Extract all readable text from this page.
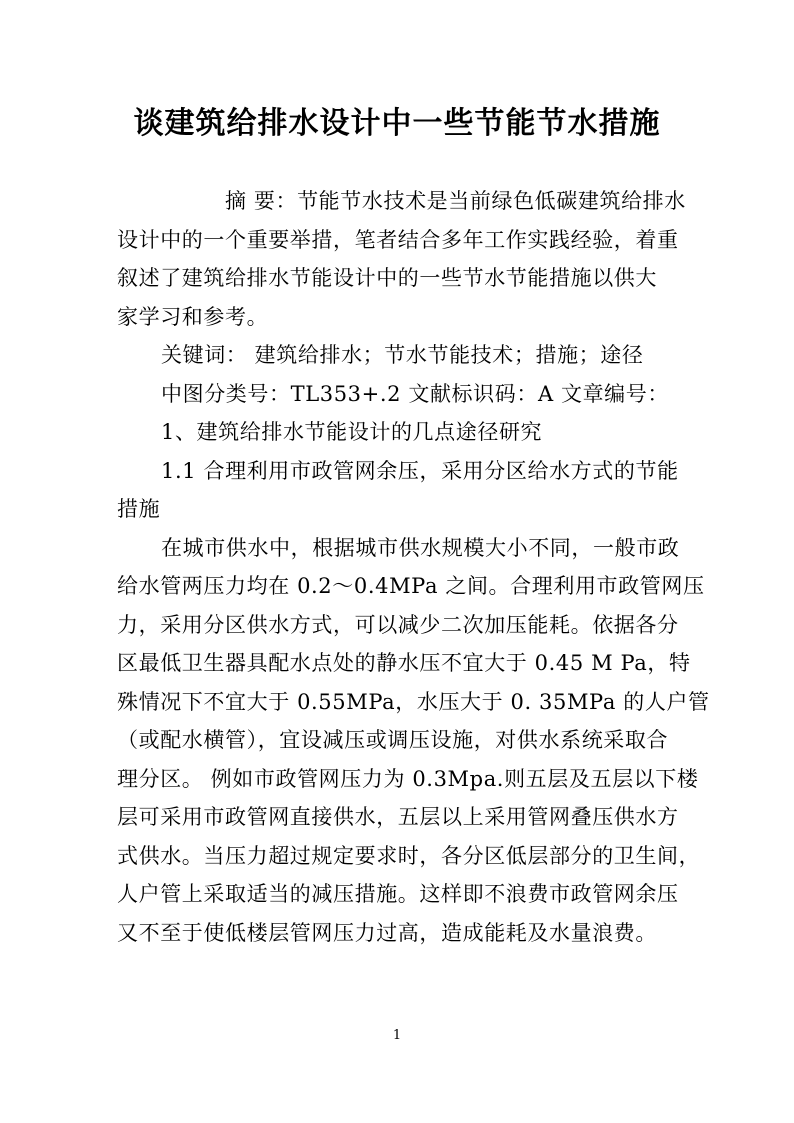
谈建筑给排水设计中一些节能节水措施

摘 要：节能节水技术是当前绿色低碳建筑给排水

设计中的一个重要举措，笔者结合多年工作实践经验，着重

叙述了建筑给排水节能设计中的一些节水节能措施以供大

家学习和参考。

关键词： 建筑给排水；节水节能技术；措施；途径

中图分类号：TL353+.2 文献标识码：A 文章编号：

1、建筑给排水节能设计的几点途径研究

1.1 合理利用市政管网余压，采用分区给水方式的节能

措施

在城市供水中，根据城市供水规模大小不同，一般市政

给水管两压力均在 0.2～0.4MPa 之间。合理利用市政管网压

力，采用分区供水方式，可以减少二次加压能耗。依据各分

区最低卫生器具配水点处的静水压不宜大于 0.45 M Pa，特

殊情况下不宜大于 0.55MPa，水压大于 0. 35MPa 的人户管

（或配水横管），宜设减压或调压设施，对供水系统采取合

理分区。 例如市政管网压力为 0.3Mpa.则五层及五层以下楼

层可采用市政管网直接供水，五层以上采用管网叠压供水方

式供水。当压力超过规定要求时，各分区低层部分的卫生间，

人户管上采取适当的减压措施。这样即不浪费市政管网余压

又不至于使低楼层管网压力过高，造成能耗及水量浪费。

1
